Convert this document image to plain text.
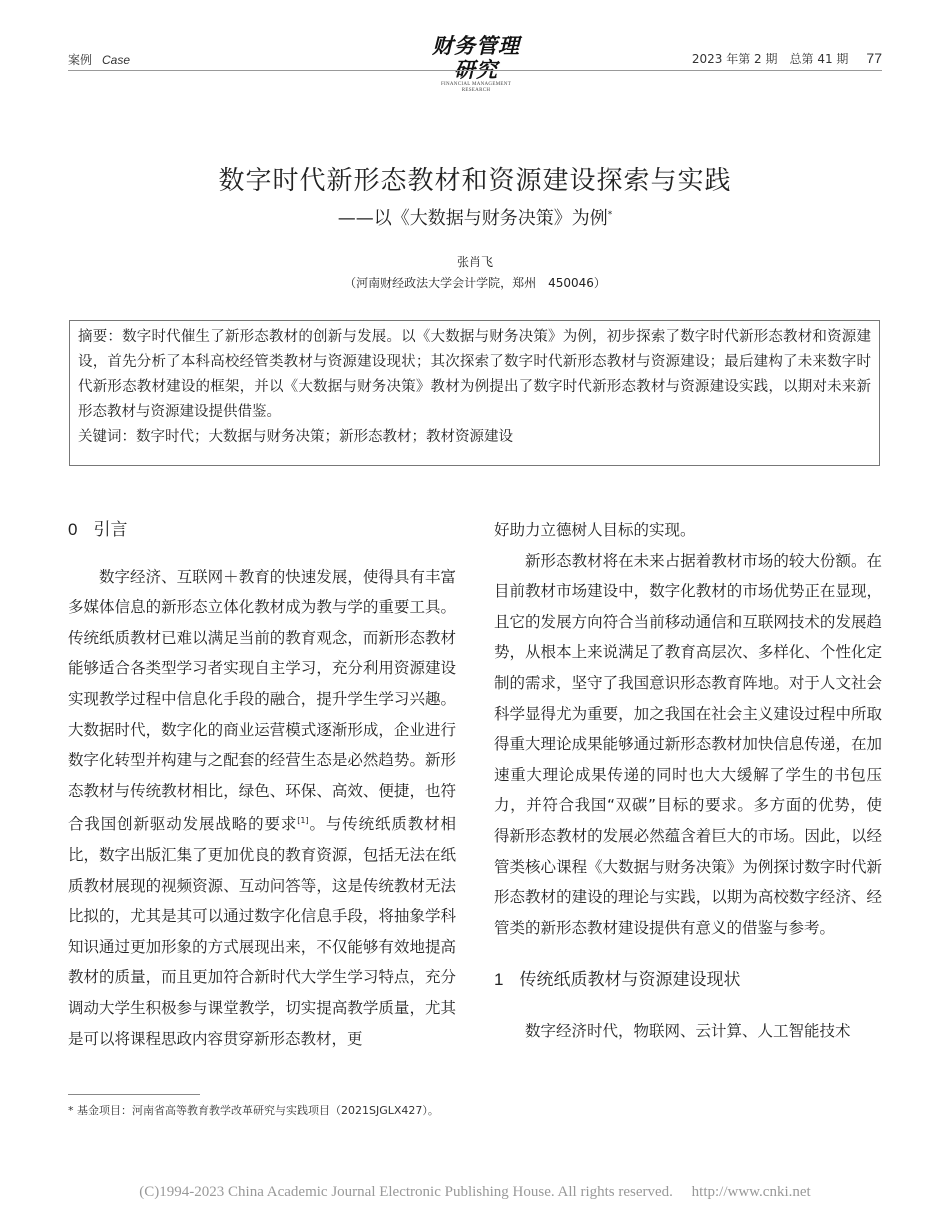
案例 Case
财务管理研究
FINANCIAL MANAGEMENT RESEARCH
2023 年第 2 期　总第 41 期 77
数字时代新形态教材和资源建设探索与实践
——以《大数据与财务决策》为例*
张肖飞
（河南财经政法大学会计学院，郑州　450046）

摘要：数字时代催生了新形态教材的创新与发展。以《大数据与财务决策》为例，初步探索了数字时代新形态教材和资源建设，首先分析了本科高校经管类教材与资源建设现状；其次探索了数字时代新形态教材与资源建设；最后建构了未来数字时代新形态教材建设的框架，并以《大数据与财务决策》教材为例提出了数字时代新形态教材与资源建设实践，以期对未来新形态教材与资源建设提供借鉴。

关键词：数字时代；大数据与财务决策；新形态教材；教材资源建设

0 引言

数字经济、互联网＋教育的快速发展，使得具有丰富多媒体信息的新形态立体化教材成为教与学的重要工具。传统纸质教材已难以满足当前的教育观念，而新形态教材能够适合各类型学习者实现自主学习，充分利用资源建设实现教学过程中信息化手段的融合，提升学生学习兴趣。大数据时代，数字化的商业运营模式逐渐形成，企业进行数字化转型并构建与之配套的经营生态是必然趋势。新形态教材与传统教材相比，绿色、环保、高效、便捷，也符合我国创新驱动发展战略的要求[1]。与传统纸质教材相比，数字出版汇集了更加优良的教育资源，包括无法在纸质教材展现的视频资源、互动问答等，这是传统教材无法比拟的，尤其是其可以通过数字化信息手段，将抽象学科知识通过更加形象的方式展现出来，不仅能够有效地提高教材的质量，而且更加符合新时代大学生学习特点，充分调动大学生积极参与课堂教学，切实提高教学质量，尤其是可以将课程思政内容贯穿新形态教材，更

好助力立德树人目标的实现。

新形态教材将在未来占据着教材市场的较大份额。在目前教材市场建设中，数字化教材的市场优势正在显现，且它的发展方向符合当前移动通信和互联网技术的发展趋势，从根本上来说满足了教育高层次、多样化、个性化定制的需求，坚守了我国意识形态教育阵地。对于人文社会科学显得尤为重要，加之我国在社会主义建设过程中所取得重大理论成果能够通过新形态教材加快信息传递，在加速重大理论成果传递的同时也大大缓解了学生的书包压力，并符合我国“双碳”目标的要求。多方面的优势，使得新形态教材的发展必然蕴含着巨大的市场。因此，以经管类核心课程《大数据与财务决策》为例探讨数字时代新形态教材的建设的理论与实践，以期为高校数字经济、经管类的新形态教材建设提供有意义的借鉴与参考。

1 传统纸质教材与资源建设现状

数字经济时代，物联网、云计算、人工智能技术

* 基金项目：河南省高等教育教学改革研究与实践项目（2021SJGLX427）。
(C)1994-2023 China Academic Journal Electronic Publishing House. All rights reserved.　 http://www.cnki.net
